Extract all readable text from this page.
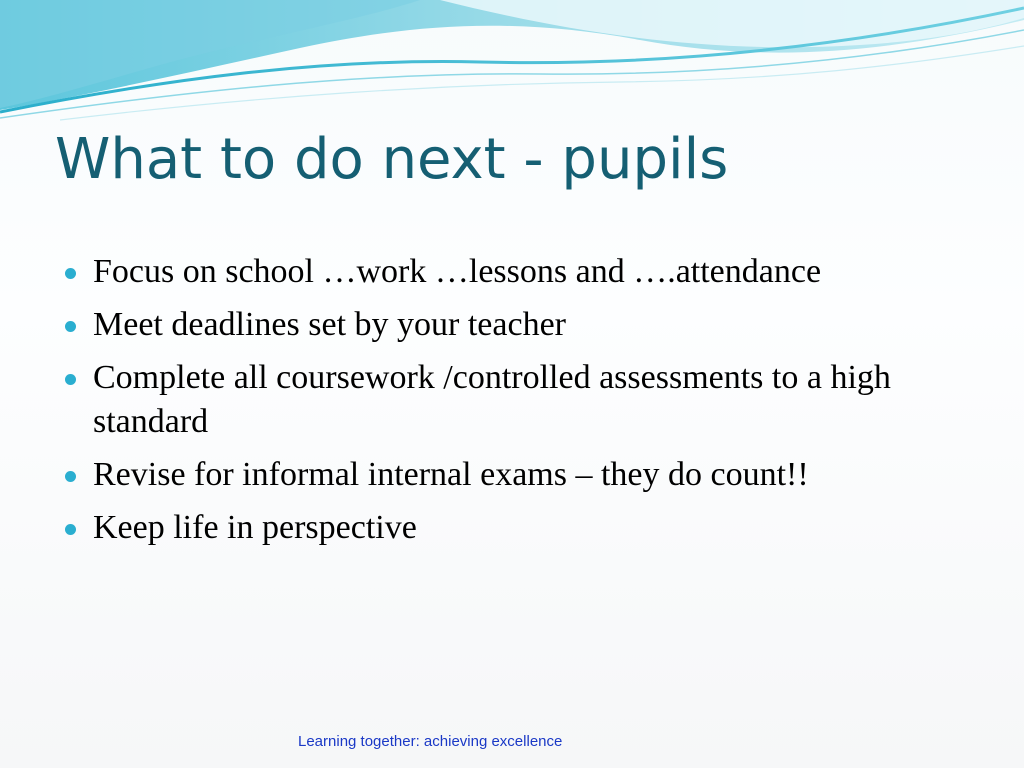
What to do next - pupils
Focus on school …work …lessons and ….attendance
Meet deadlines set by your teacher
Complete all coursework /controlled assessments to a high standard
Revise for informal internal exams – they do count!!
Keep life in perspective
Learning together: achieving excellence
